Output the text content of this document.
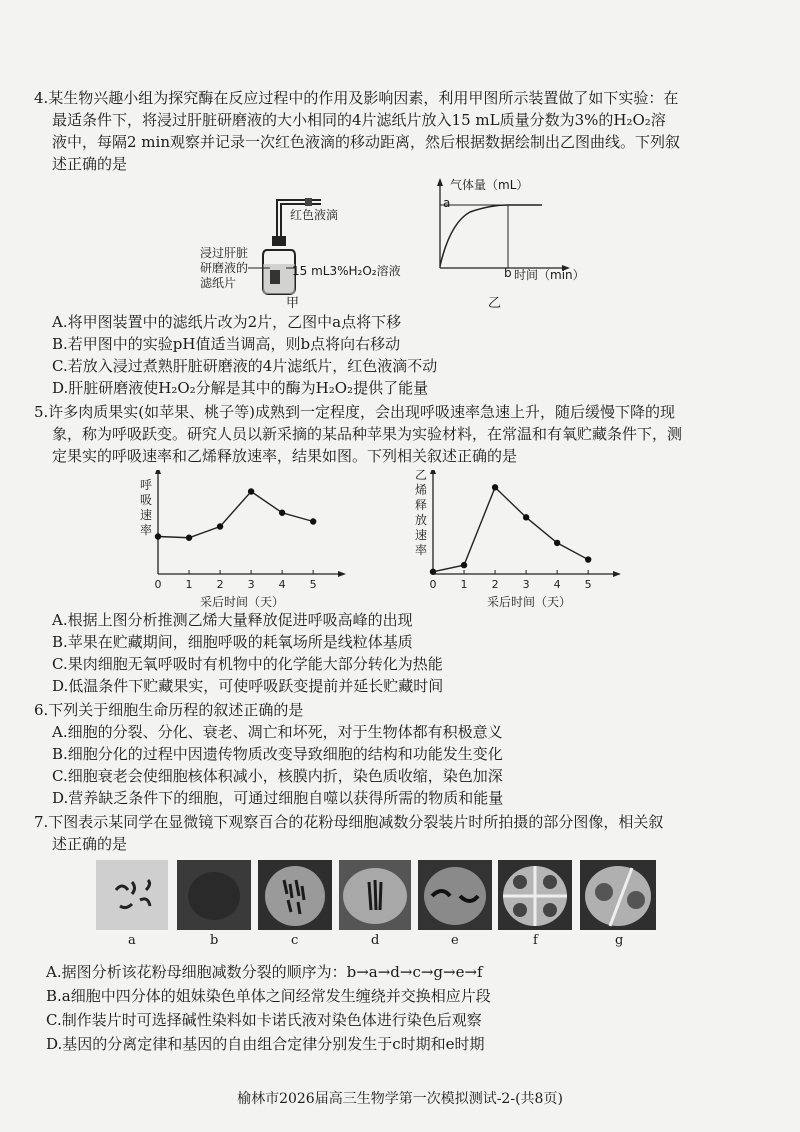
4.某生物兴趣小组为探究酶在反应过程中的作用及影响因素，利用甲图所示装置做了如下实验：在
最适条件下，将浸过肝脏研磨液的大小相同的4片滤纸片放入15 mL质量分数为3%的H₂O₂溶
液中，每隔2 min观察并记录一次红色液滴的移动距离，然后根据数据绘制出乙图曲线。下列叙
述正确的是
红色液滴
浸过肝脏
研磨液的
滤纸片
15 mL3%H₂O₂溶液
甲
气体量（mL）
a
b 时间（min）
乙
A.将甲图装置中的滤纸片改为2片，乙图中a点将下移
B.若甲图中的实验pH值适当调高，则b点将向右移动
C.若放入浸过煮熟肝脏研磨液的4片滤纸片，红色液滴不动
D.肝脏研磨液使H₂O₂分解是其中的酶为H₂O₂提供了能量
5.许多肉质果实(如苹果、桃子等)成熟到一定程度，会出现呼吸速率急速上升，随后缓慢下降的现
象，称为呼吸跃变。研究人员以新采摘的某品种苹果为实验材料，在常温和有氧贮藏条件下，测
定果实的呼吸速率和乙烯释放速率，结果如图。下列相关叙述正确的是
呼吸速率
0 1 2 3 4 5
采后时间（天）
乙烯释放速率
0 1 2 3 4 5
采后时间（天）
A.根据上图分析推测乙烯大量释放促进呼吸高峰的出现
B.苹果在贮藏期间，细胞呼吸的耗氧场所是线粒体基质
C.果肉细胞无氧呼吸时有机物中的化学能大部分转化为热能
D.低温条件下贮藏果实，可使呼吸跃变提前并延长贮藏时间
6.下列关于细胞生命历程的叙述正确的是
A.细胞的分裂、分化、衰老、凋亡和坏死，对于生物体都有积极意义
B.细胞分化的过程中因遗传物质改变导致细胞的结构和功能发生变化
C.细胞衰老会使细胞核体积减小，核膜内折，染色质收缩，染色加深
D.营养缺乏条件下的细胞，可通过细胞自噬以获得所需的物质和能量
7.下图表示某同学在显微镜下观察百合的花粉母细胞减数分裂装片时所拍摄的部分图像，相关叙
述正确的是
a	b	c	d	e	f	g
A.据图分析该花粉母细胞减数分裂的顺序为：b→a→d→c→g→e→f
B.a细胞中四分体的姐妹染色单体之间经常发生缠绕并交换相应片段
C.制作装片时可选择碱性染料如卡诺氏液对染色体进行染色后观察
D.基因的分离定律和基因的自由组合定律分别发生于c时期和e时期
榆林市2026届高三生物学第一次模拟测试-2-(共8页)
